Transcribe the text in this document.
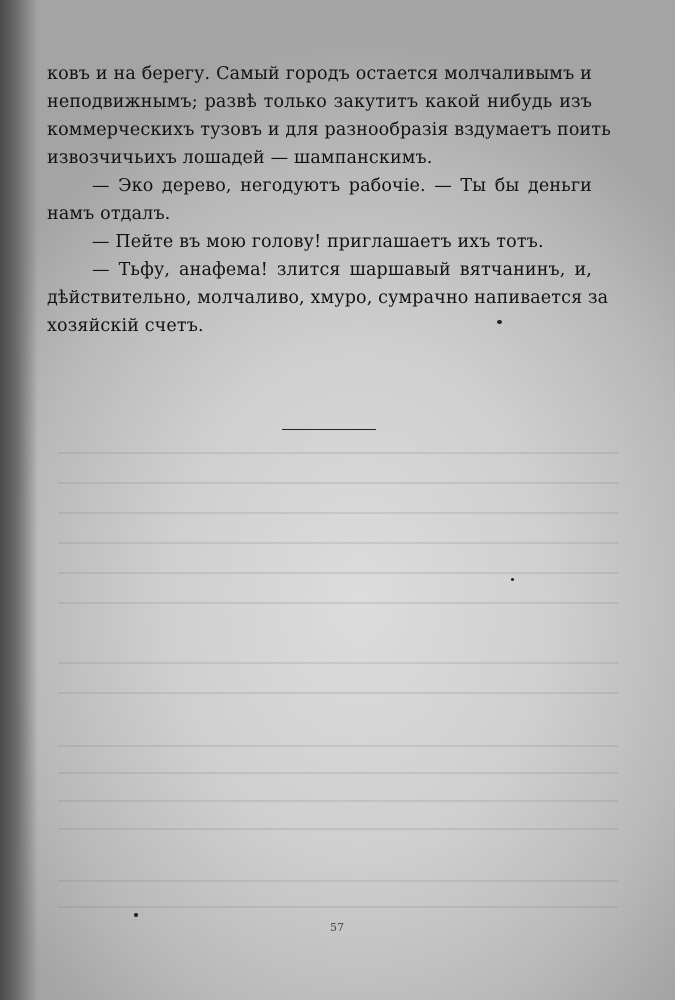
ковъ и на берегу. Самый городъ остается молчаливымъ и
неподвижнымъ; развѣ только закутитъ какой нибудь изъ
коммерческихъ тузовъ и для разнообразія вздумаетъ поить
извозчичьихъ лошадей — шампанскимъ.
— Эко дерево, негодуютъ рабочіе. — Ты бы деньги
намъ отдалъ.
— Пейте въ мою голову! приглашаетъ ихъ тотъ.
— Тьфу, анафема! злится шаршавый вятчанинъ, и,
дѣйствительно, молчаливо, хмуро, сумрачно напивается за
хозяйскій счетъ.
57
